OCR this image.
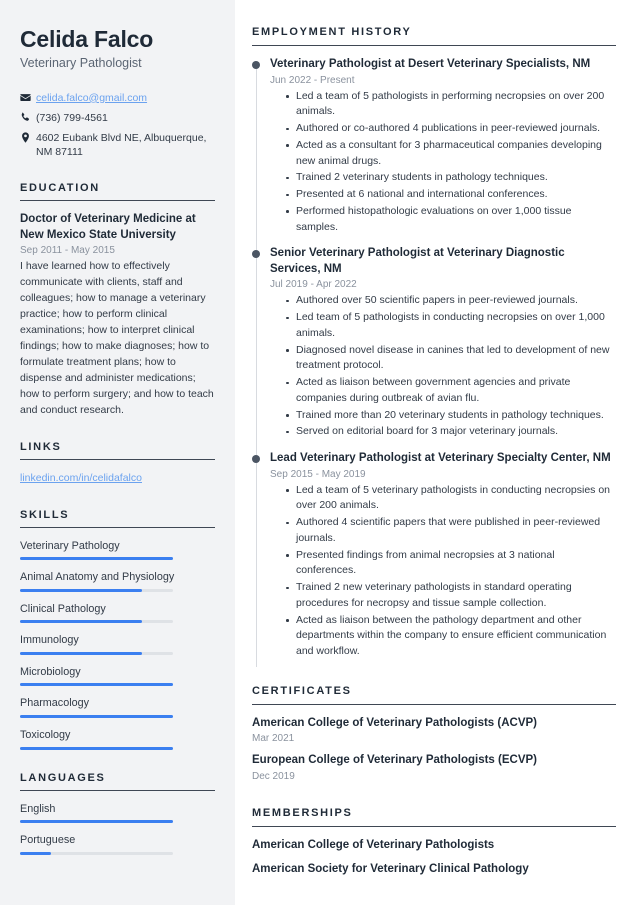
Celida Falco
Veterinary Pathologist
celida.falco@gmail.com
(736) 799-4561
4602 Eubank Blvd NE, Albuquerque, NM 87111
EDUCATION
Doctor of Veterinary Medicine at New Mexico State University
Sep 2011 - May 2015
I have learned how to effectively communicate with clients, staff and colleagues; how to manage a veterinary practice; how to perform clinical examinations; how to interpret clinical findings; how to make diagnoses; how to formulate treatment plans; how to dispense and administer medications; how to perform surgery; and how to teach and conduct research.
LINKS
linkedin.com/in/celidafalco
SKILLS
Veterinary Pathology
Animal Anatomy and Physiology
Clinical Pathology
Immunology
Microbiology
Pharmacology
Toxicology
LANGUAGES
English
Portuguese
EMPLOYMENT HISTORY
Veterinary Pathologist at Desert Veterinary Specialists, NM
Jun 2022 - Present
Led a team of 5 pathologists in performing necropsies on over 200 animals.
Authored or co-authored 4 publications in peer-reviewed journals.
Acted as a consultant for 3 pharmaceutical companies developing new animal drugs.
Trained 2 veterinary students in pathology techniques.
Presented at 6 national and international conferences.
Performed histopathologic evaluations on over 1,000 tissue samples.
Senior Veterinary Pathologist at Veterinary Diagnostic Services, NM
Jul 2019 - Apr 2022
Authored over 50 scientific papers in peer-reviewed journals.
Led team of 5 pathologists in conducting necropsies on over 1,000 animals.
Diagnosed novel disease in canines that led to development of new treatment protocol.
Acted as liaison between government agencies and private companies during outbreak of avian flu.
Trained more than 20 veterinary students in pathology techniques.
Served on editorial board for 3 major veterinary journals.
Lead Veterinary Pathologist at Veterinary Specialty Center, NM
Sep 2015 - May 2019
Led a team of 5 veterinary pathologists in conducting necropsies on over 200 animals.
Authored 4 scientific papers that were published in peer-reviewed journals.
Presented findings from animal necropsies at 3 national conferences.
Trained 2 new veterinary pathologists in standard operating procedures for necropsy and tissue sample collection.
Acted as liaison between the pathology department and other departments within the company to ensure efficient communication and workflow.
CERTIFICATES
American College of Veterinary Pathologists (ACVP)
Mar 2021
European College of Veterinary Pathologists (ECVP)
Dec 2019
MEMBERSHIPS
American College of Veterinary Pathologists
American Society for Veterinary Clinical Pathology
